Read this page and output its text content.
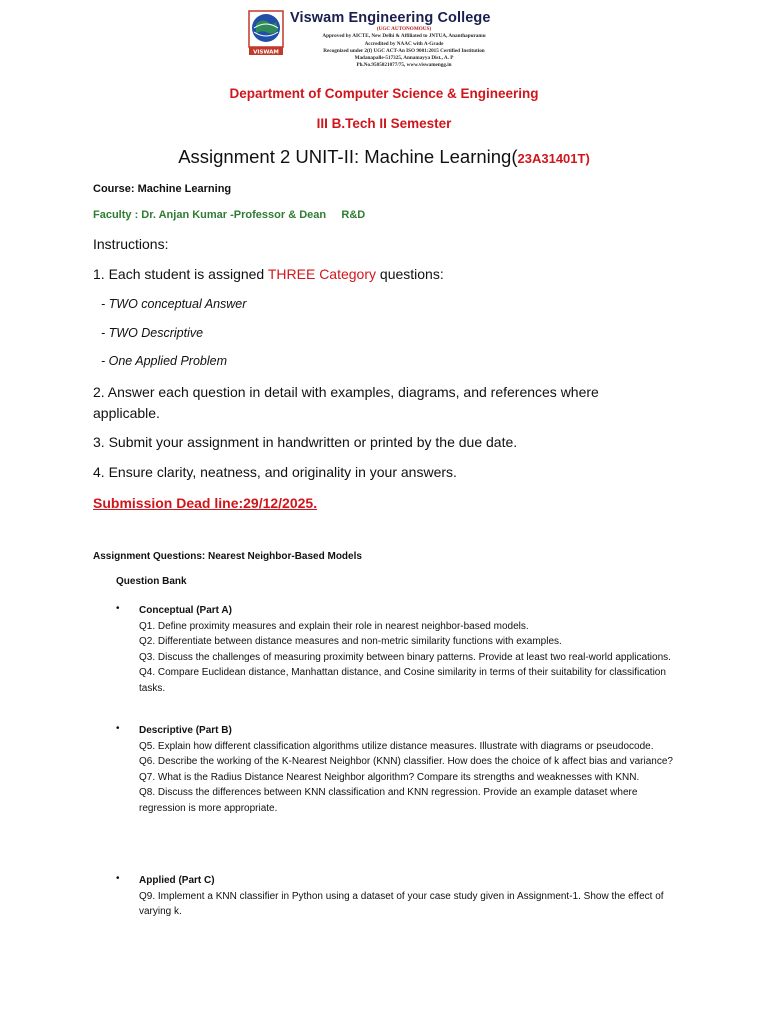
VISWAM
Viswam Engineering College
(UGC AUTONOMOUS)
Approved by AICTE, New Delhi & Affiliated to JNTUA, Ananthapuramu
Accredited by NAAC with A-Grade
Recognized under 2(f) UGC ACT-An ISO 9001:2015 Certified Institution
Madanapalle-517325, Annamayya Dist., A. P
Ph.No.9505021077/75, www.viswamengg.in
Department of Computer Science & Engineering
III B.Tech II Semester
Assignment 2 UNIT-II: Machine Learning(23A31401T)
Course: Machine Learning
Faculty : Dr. Anjan Kumar -Professor & Dean     R&D
Instructions:
1. Each student is assigned THREE Category questions:
- TWO conceptual Answer
- TWO Descriptive
- One Applied Problem
2. Answer each question in detail with examples, diagrams, and references where applicable.
3. Submit your assignment in handwritten or printed by the due date.
4. Ensure clarity, neatness, and originality in your answers.
Submission Dead line:29/12/2025.
Assignment Questions: Nearest Neighbor-Based Models
Question Bank
• Conceptual (Part A)

Q1. Define proximity measures and explain their role in nearest neighbor-based models.

Q2. Differentiate between distance measures and non-metric similarity functions with examples.

Q3. Discuss the challenges of measuring proximity between binary patterns. Provide at least two real-world applications.

Q4. Compare Euclidean distance, Manhattan distance, and Cosine similarity in terms of their suitability for classification tasks.

• Descriptive (Part B)

Q5. Explain how different classification algorithms utilize distance measures. Illustrate with diagrams or pseudocode.

Q6. Describe the working of the K-Nearest Neighbor (KNN) classifier. How does the choice of k affect bias and variance?

Q7. What is the Radius Distance Nearest Neighbor algorithm? Compare its strengths and weaknesses with KNN.

Q8. Discuss the differences between KNN classification and KNN regression. Provide an example dataset where regression is more appropriate.

• Applied (Part C)

Q9. Implement a KNN classifier in Python using a dataset of your case study given in Assignment-1. Show the effect of varying k.
